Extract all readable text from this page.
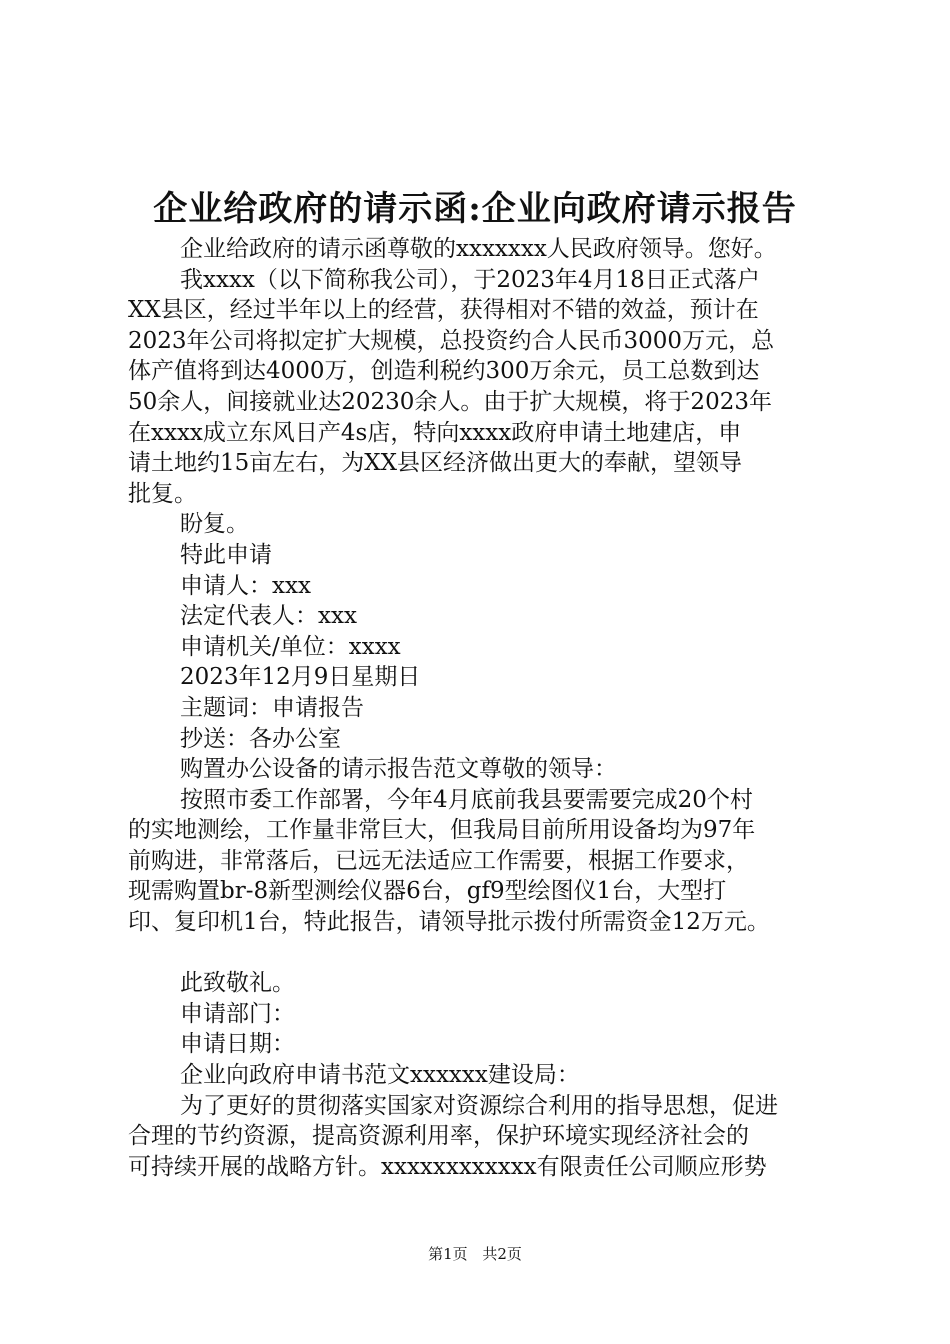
企业给政府的请示函:企业向政府请示报告
企业给政府的请示函尊敬的xxxxxxx人民政府领导。您好。
我xxxx（以下简称我公司），于2023年4月18日正式落户
XX县区，经过半年以上的经营，获得相对不错的效益，预计在
2023年公司将拟定扩大规模，总投资约合人民币3000万元，总
体产值将到达4000万，创造利税约300万余元，员工总数到达
50余人，间接就业达20230余人。由于扩大规模，将于2023年
在xxxx成立东风日产4s店，特向xxxx政府申请土地建店，申
请土地约15亩左右，为XX县区经济做出更大的奉献，望领导
批复。
盼复。
特此申请
申请人：xxx
法定代表人：xxx
申请机关/单位：xxxx
2023年12月9日星期日
主题词：申请报告
抄送：各办公室
购置办公设备的请示报告范文尊敬的领导：
按照市委工作部署，今年4月底前我县要需要完成20个村
的实地测绘，工作量非常巨大，但我局目前所用设备均为97年
前购进，非常落后，已远无法适应工作需要，根据工作要求，
现需购置br-8新型测绘仪器6台，gf9型绘图仪1台，大型打
印、复印机1台，特此报告，请领导批示拨付所需资金12万元。
此致敬礼。
申请部门：
申请日期：
企业向政府申请书范文xxxxxx建设局：
为了更好的贯彻落实国家对资源综合利用的指导思想，促进
合理的节约资源，提高资源利用率，保护环境实现经济社会的
可持续开展的战略方针。xxxxxxxxxxxx有限责任公司顺应形势
第1页 共2页
